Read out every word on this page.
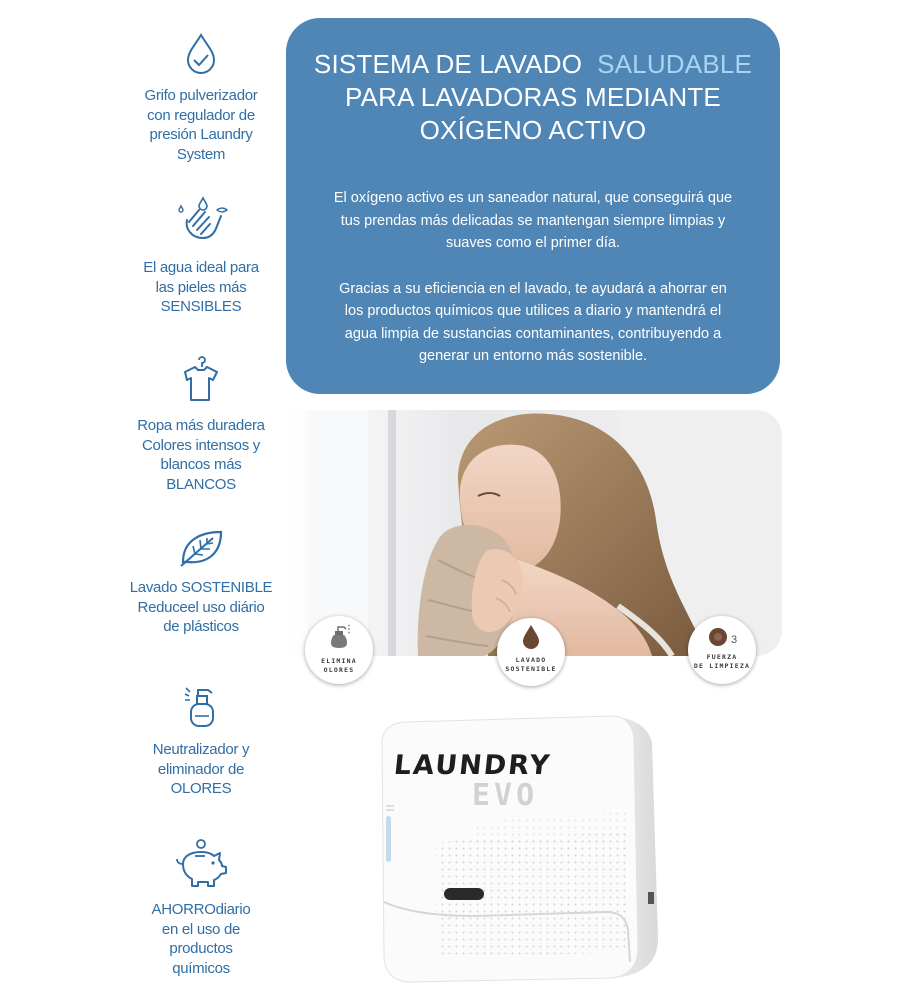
Grifo pulverizador
con regulador de
presión Laundry
System
El agua ideal para
las pieles más
SENSIBLES
Ropa más duradera
Colores intensos y
blancos más
BLANCOS
Lavado SOSTENIBLE
Reduceel uso diário
de plásticos
Neutralizador y
eliminador de
OLORES
AHORROdiario
en el uso de
productos
químicos
SISTEMA DE LAVADO SALUDABLE
PARA LAVADORAS MEDIANTE
OXÍGENO ACTIVO

El oxígeno activo es un saneador natural, que conseguirá que
tus prendas más delicadas se mantengan siempre limpias y
suaves como el primer día.

Gracias a su eficiencia en el lavado, te ayudará a ahorrar en
los productos químicos que utilices a diario y mantendrá el
agua limpia de sustancias contaminantes, contribuyendo a
generar un entorno más sostenible.

ELIMINA
OLORES
LAVADO
SOSTENIBLE
3
FUERZA
DE LIMPIEZA
LAUNDRY
EVO
